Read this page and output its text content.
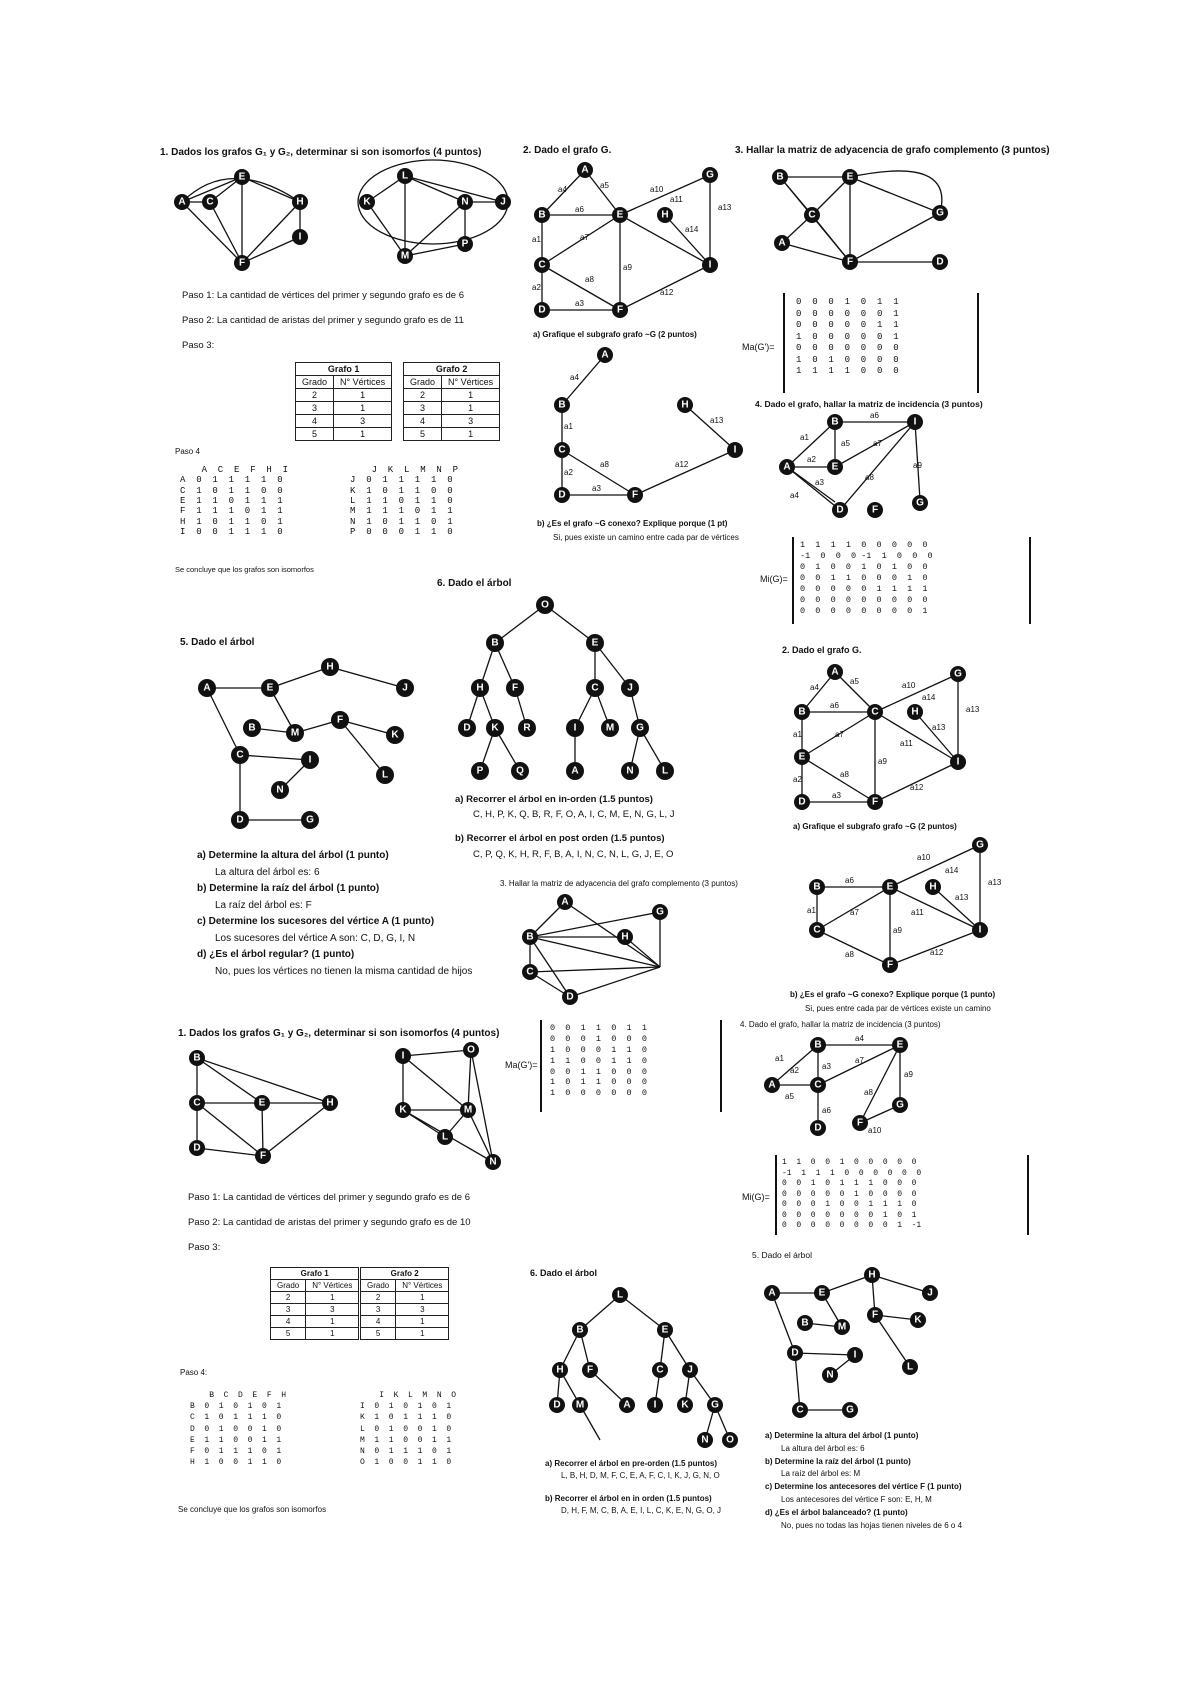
1. Dados los grafos G₁ y G₂, determinar si son isomorfos (4 puntos)
A C
E
H
F
I
K
L
N	J
M
P
Paso 1: La cantidad de vértices del primer y segundo grafo es de 6
Paso 2: La cantidad de aristas del primer y segundo grafo es de 11
Paso 3:
Grafo 1	
Grado	N° Vértices
2	1
3	1
4	3
5	1
Grafo 2	
Grado	N° Vértices
2	1
3	1
4	3
5	1
Paso 4
A  C  E  F  H  I
A  0  1  1  1  1  0
C  1  0  1  1  0  0
E  1  1  0  1  1  1
F  1  1  1  0  1  1
H  1  0  1  1  0  1
I  0  0  1  1  1  0
J  K  L  M  N  P
J  0  1  1  1  1  0
K  1  0  1  1  0  0
L  1  1  0  1  1  0
M  1  1  1  0  1  1
N  1  0  1  1  0  1
P  0  0  0  1  1  0
Se concluye que los grafos son isomorfos
2. Dado el grafo G.
a4	a5
a6
a1
a2
a3
a7
a8
a9
a10
a11
a14
a13
a12
A	G
B	E	H
C
D	F
I
a) Grafique el subgrafo grafo ~G (2 puntos)
a4
a1
a2
a3
a8	a12
a13
A
B	H
C
D	F
I
b) ¿Es el grafo ~G conexo? Explique porque (1 pt)
Si, pues existe un camino entre cada par de vértices
3. Hallar la matriz de adyacencia de grafo complemento (3 puntos)
B	E
C
A
F
G
D
Ma(G')=
0  0  0  1  0  1  1
0  0  0  0  0  0  1
0  0  0  0  0  1  1
1  0  0  0  0  0  1
0  0  0  0  0  0  0
1  0  1  0  0  0  0
1  1  1  1  0  0  0
4. Dado el grafo, hallar la matriz de incidencia (3 puntos)
a1
a2
a3
a4
a5
a6
a7
a8
a9
B	I
A	E
D	F
G
Mi(G)=
1  1  1  1  0  0  0  0  0
-1  0  0  0 -1  1  0  0  0
0  1  0  0  1  0  1  0  0
0  0  1  1  0  0  0  1  0
0  0  0  0  0  1  1  1  1
0  0  0  0  0  0  0  0  0
0  0  0  0  0  0  0  0  1
5. Dado el árbol
A	E
H
J
B	M
F
K
C	I
N
L
D	G
a) Determine la altura del árbol (1 punto)
La altura del árbol es: 6
b) Determine la raíz del árbol (1 punto)
La raíz del árbol es: F
c) Determine los sucesores del vértice A (1 punto)
Los sucesores del vértice A son: C, D, G, I, N
d) ¿Es el árbol regular? (1 punto)
No, pues los vértices no tienen la misma cantidad de hijos
6. Dado el árbol
O
B	E
H	F	C	J
D K R	I	M G
P	Q	A	N	L
a) Recorrer el árbol en in-orden (1.5 puntos)
C, H, P, K, Q, B, R, F, O, A, I, C, M, E, N, G, L, J
b) Recorrer el árbol en post orden (1.5 puntos)
C, P, Q, K, H, R, F, B, A, I, N, C, N, L, G, J, E, O
2. Dado el grafo G.
a4
a5
a6
a1
a2
a3
a7
a8
a9
a10
a14
a13
a11
a13
a12
A	G
B	C	H
E	I
D	F
a) Grafique el subgrafo grafo ~G (2 puntos)
a6
a1	a7
a8
a9
a10
a14
a13
a11
a13
a12
G
B	E	H
C	I
F
b) ¿Es el grafo ~G conexo? Explique porque (1 punto)
Si, pues entre cada par de vértices existe un camino
3. Hallar la matriz de adyacencia del grafo complemento (3 puntos)
A
B	H
G
C
D
Ma(G')=
0  0  1  1  0  1  1
0  0  0  1  0  0  0
1  0  0  0  1  1  0
1  1  0  0  1  1  0
0  0  1  1  0  0  0
1  0  1  1  0  0  0
1  0  0  0  0  0  0
1. Dados los grafos G₁ y G₂, determinar si son isomorfos (4 puntos)
B
C	E	H
D
F
I
O
K	M
L
N
Paso 1: La cantidad de vértices del primer y segundo grafo es de 6
Paso 2: La cantidad de aristas del primer y segundo grafo es de 10
Paso 3:
Grafo 1	
Grado	N° Vértices
2	1
3	3
4	1
5	1
Grafo 2	
Grado	N° Vértices
2	1
3	3
4	1
5	1
Paso 4:
B  C  D  E  F  H
B  0  1  0  1  0  1
C  1  0  1  1  1  0
D  0  1  0  0  1  0
E  1  1  0  0  1  1
F  0  1  1  1  0  1
H  1  0  0  1  1  0
I  K  L  M  N  O
I  0  1  0  1  0  1
K  1  0  1  1  1  0
L  0  1  0  0  1  0
M  1  1  0  0  1  1
N  0  1  1  1  0  1
O  1  0  0  1  1  0
Se concluye que los grafos son isomorfos
4. Dado el grafo, hallar la matriz de incidencia (3 puntos)
a1
a2	a3
a4
a5
a6
a7
a8
a9
a10
B	E
A	C
D	F
G
Mi(G)=
1  1  0  0  1  0  0  0  0  0
-1  1  1  1  0  0  0  0  0  0
0  0  1  0  1  1  1  0  0  0
0  0  0  0  0  1  0  0  0  0
0  0  0  1  0  0  1  1  1  0
0  0  0  0  0  0  0  1  0  1
0  0  0  0  0  0  0  0  1  -1
6. Dado el árbol
L
B	E
H F	C J
D M	A I K G
N O
a) Recorrer el árbol en pre-orden (1.5 puntos)
L, B, H, D, M, F, C, E, A, F, C, I, K, J, G, N, O
b) Recorrer el árbol en in orden (1.5 puntos)
D, H, F, M, C, B, A, E, I, L, C, K, E, N, G, O, J
5. Dado el árbol
H
J
A	E
B	M
F	K
D	I
N
L
C	G
a) Determine la altura del árbol (1 punto)
La altura del árbol es: 6
b) Determine la raíz del árbol (1 punto)
La raíz del árbol es: M
c) Determine los antecesores del vértice F (1 punto)
Los antecesores del vértice F son: E, H, M
d) ¿Es el árbol balanceado? (1 punto)
No, pues no todas las hojas tienen niveles de 6 o 4
